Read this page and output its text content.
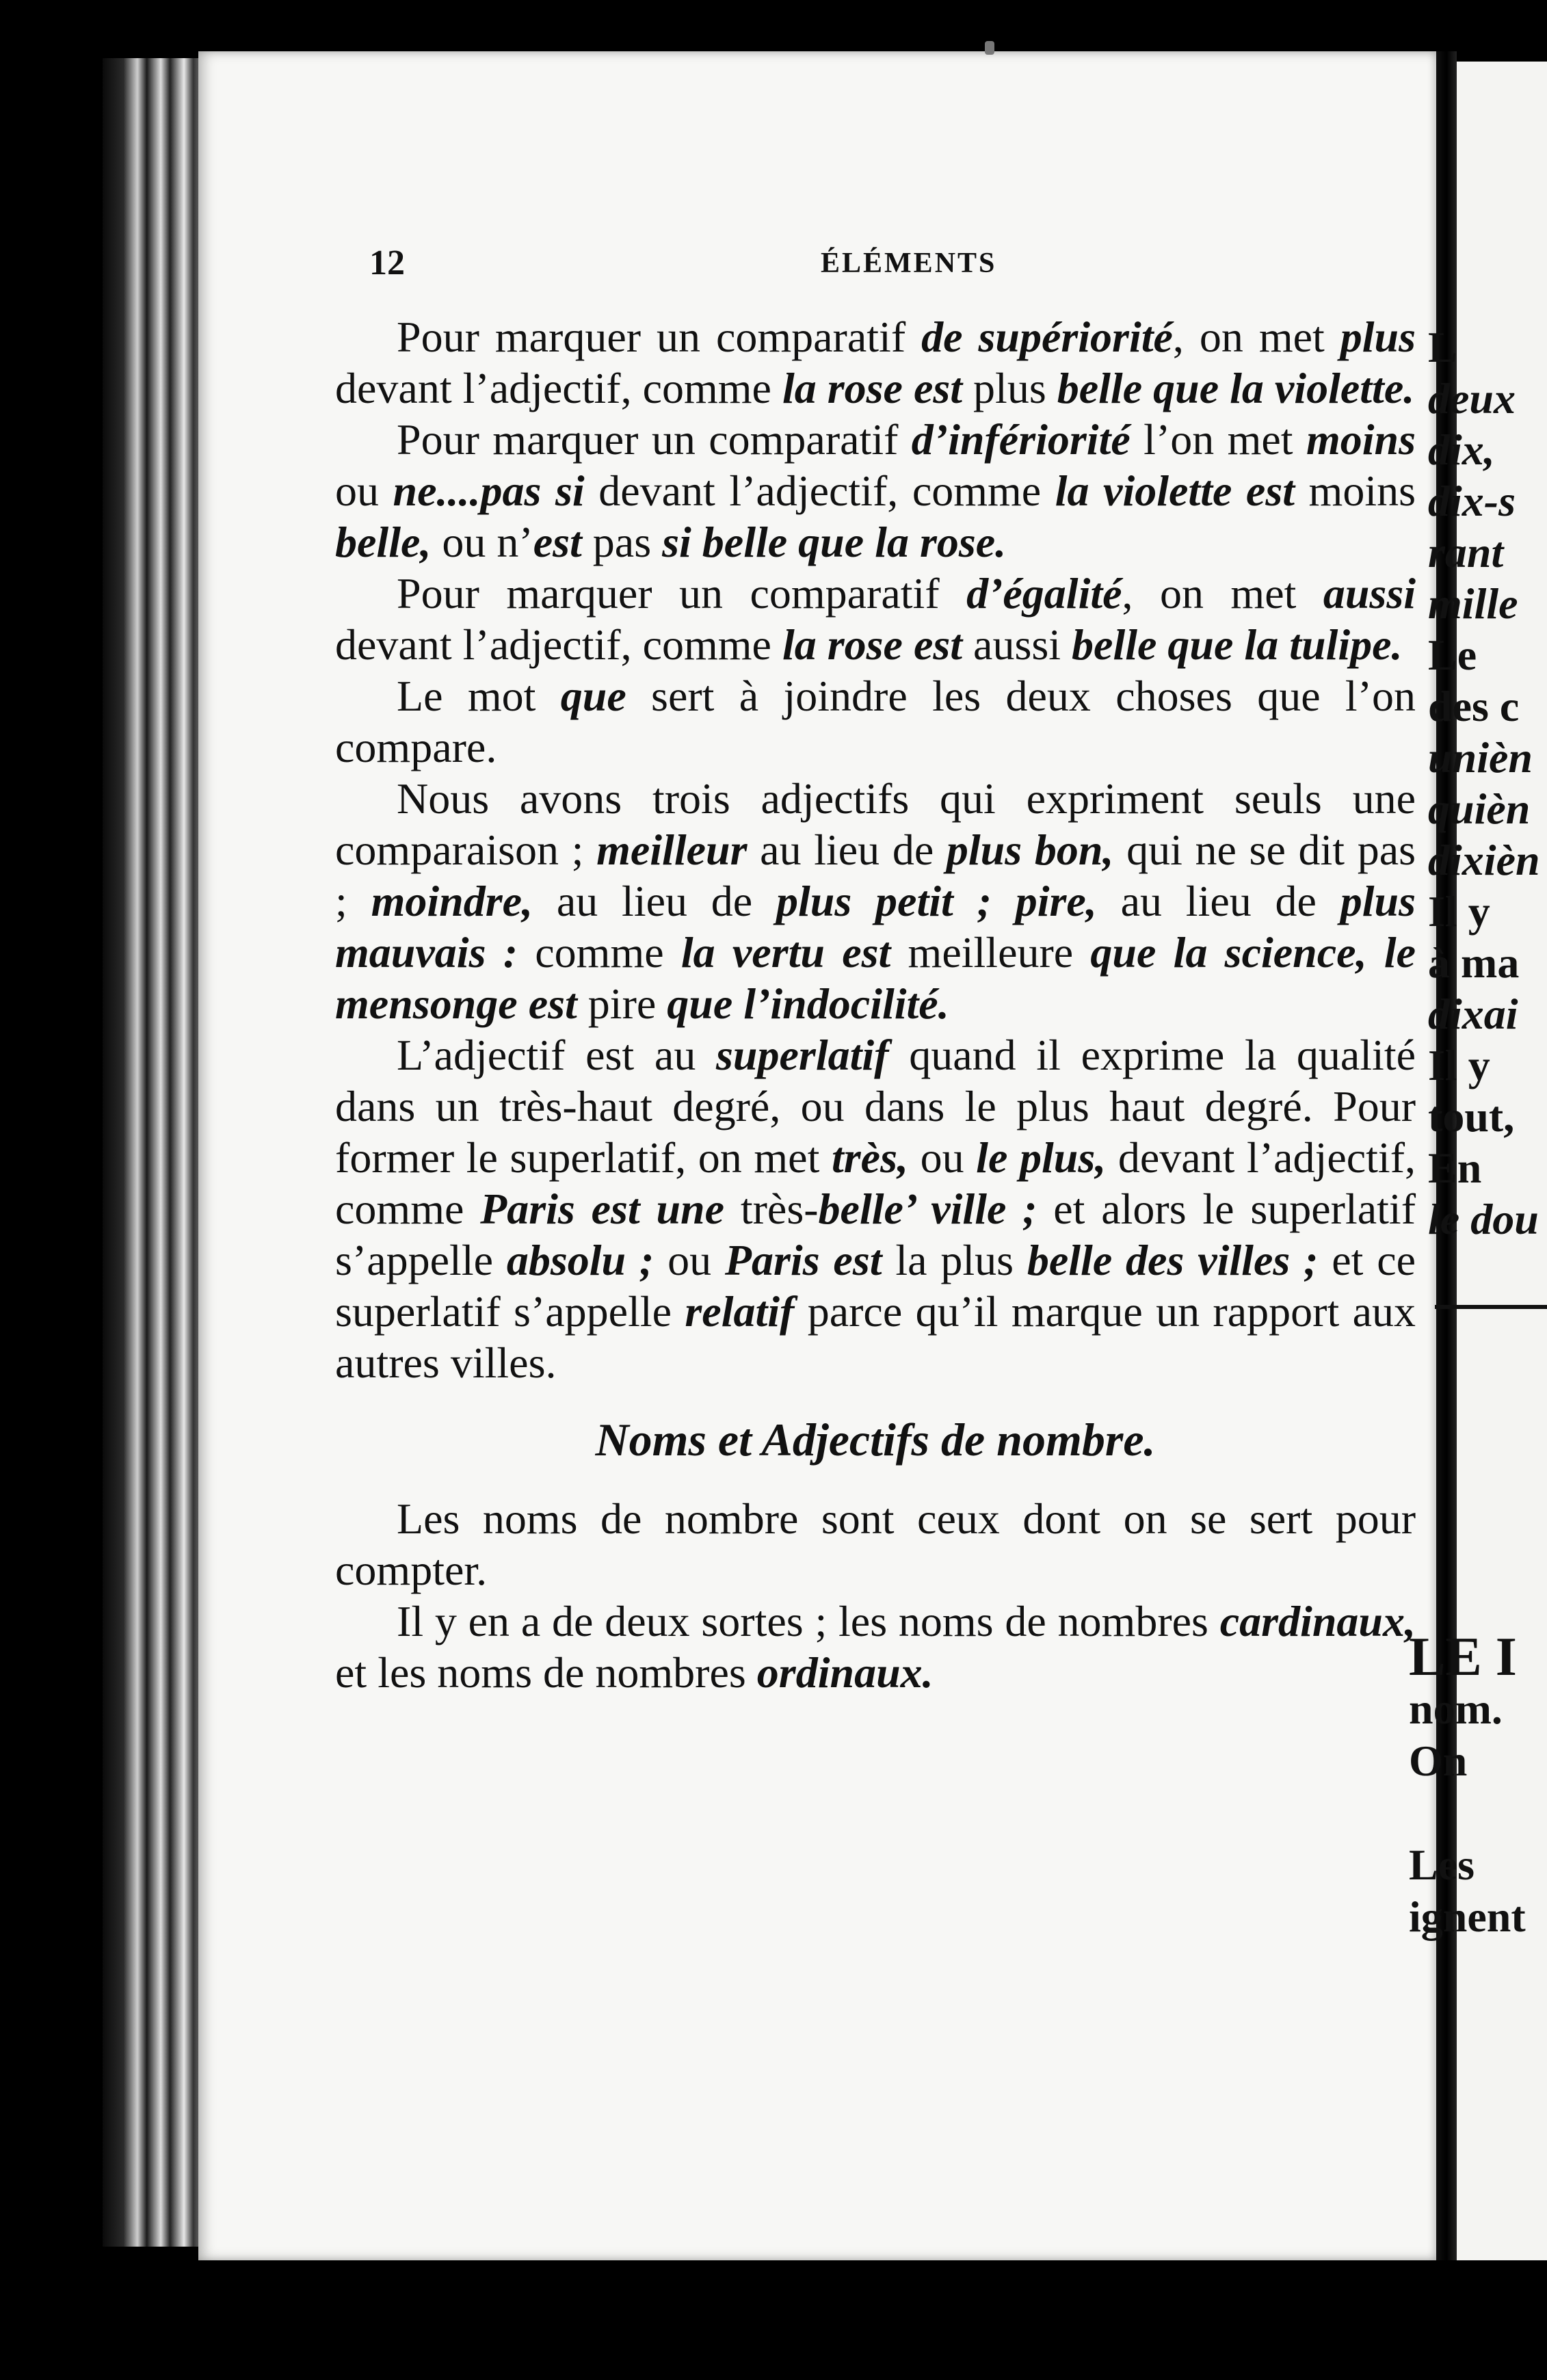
12	ÉLÉMENTS

Pour marquer un comparatif de supériorité, on met plus devant l’adjectif, comme la rose est plus belle que la violette.

Pour marquer un comparatif d’infériorité l’on met moins ou ne....pas si devant l’adjectif, comme la violette est moins belle, ou n’est pas si belle que la rose.

Pour marquer un comparatif d’égalité, on met aussi devant l’adjectif, comme la rose est aussi belle que la tulipe.

Le mot que sert à joindre les deux choses que l’on compare.

Nous avons trois adjectifs qui expriment seuls une comparaison ; meilleur au lieu de plus bon, qui ne se dit pas ; moindre, au lieu de plus petit ; pire, au lieu de plus mauvais : comme la vertu est meilleure que la science, le mensonge est pire que l’indocilité.

L’adjectif est au superlatif quand il exprime la qualité dans un très-haut degré, ou dans le plus haut degré. Pour former le superlatif, on met très, ou le plus, devant l’adjectif, comme Paris est une très-belle’ ville ; et alors le superlatif s’appelle absolu ; ou Paris est la plus belle des villes ; et ce superlatif s’appelle relatif parce qu’il marque un rapport aux autres villes.

Noms et Adjectifs de nombre.

Les noms de nombre sont ceux dont on se sert pour compter.

Il y en a de deux sortes ; les noms de nombres cardinaux, et les noms de nombres ordinaux.

L
deux
dix,
dix-s
rant
mille
Le
des c
unièn
quièn
dixièn
Il y
à ma
dixai
Il y
tout,
En
le dou
LE I
nom.
On
Les
ignent
